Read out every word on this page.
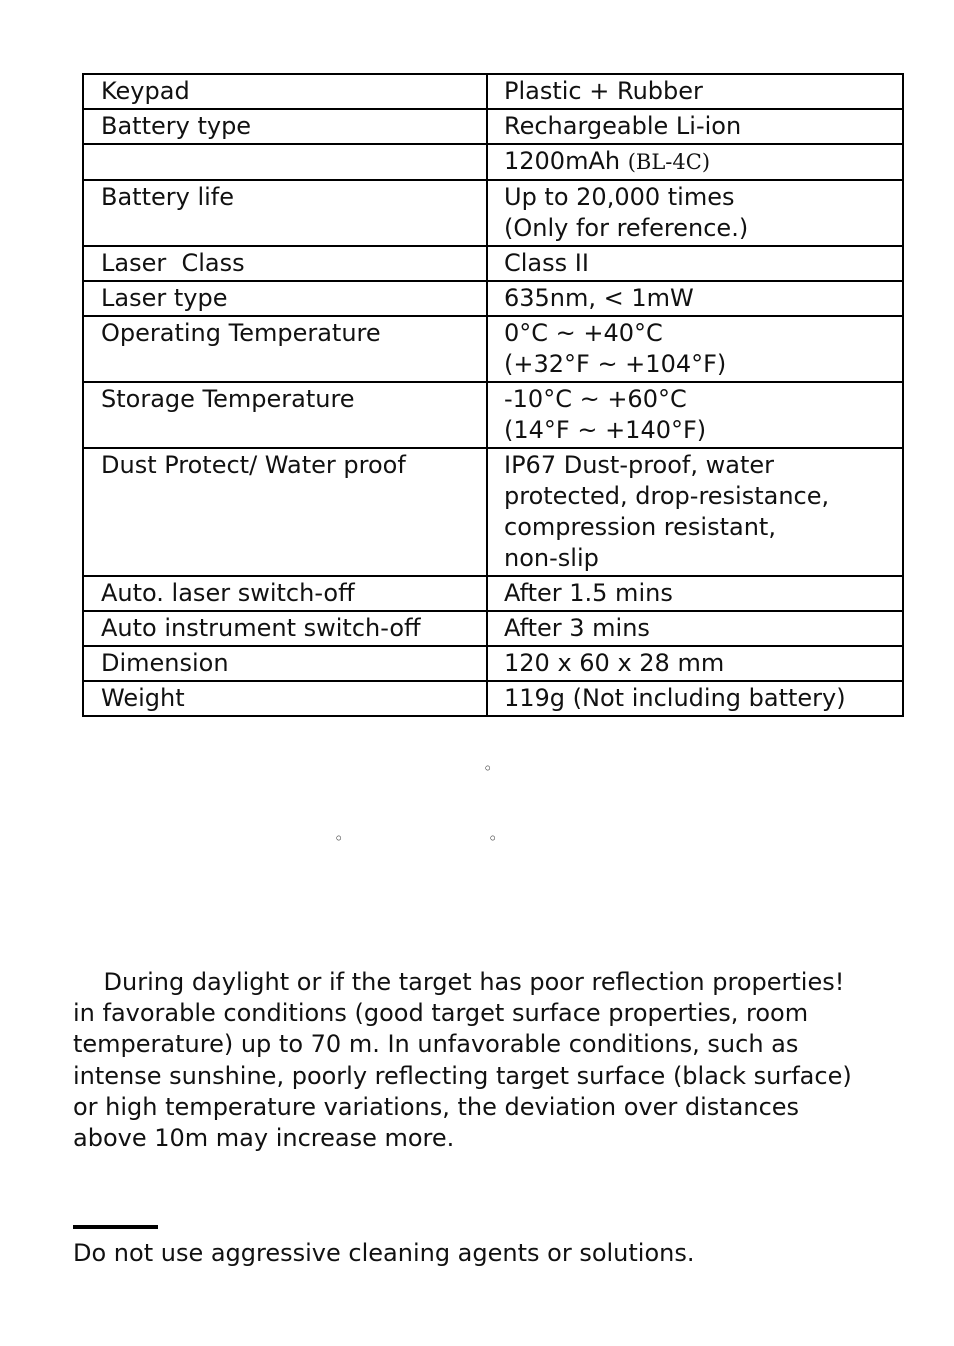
Keypad	Plastic + Rubber

Battery type	Rechargeable Li-ion

	1200mAh (BL-4C)

Battery life	Up to 20,000 times
(Only for reference.)

Laser  Class	Class II

Laser type	635nm, < 1mW

Operating Temperature	0°C ~ +40°C
(+32°F ~ +104°F)

Storage Temperature	-10°C ~ +60°C
(14°F ~ +140°F)

Dust Protect/ Water proof	IP67 Dust-proof, water
protected, drop-resistance,
compression resistant,
non-slip

Auto. laser switch-off	After 1.5 mins

Auto instrument switch-off	After 3 mins

Dimension	120 x 60 x 28 mm

Weight	119g (Not including battery)
◦
◦	◦
During daylight or if the target has poor reflection properties!
in favorable conditions (good target surface properties, room
temperature) up to 70 m. In unfavorable conditions, such as
intense sunshine, poorly reflecting target surface (black surface)
or high temperature variations, the deviation over distances
above 10m may increase more.
Do not use aggressive cleaning agents or solutions.
